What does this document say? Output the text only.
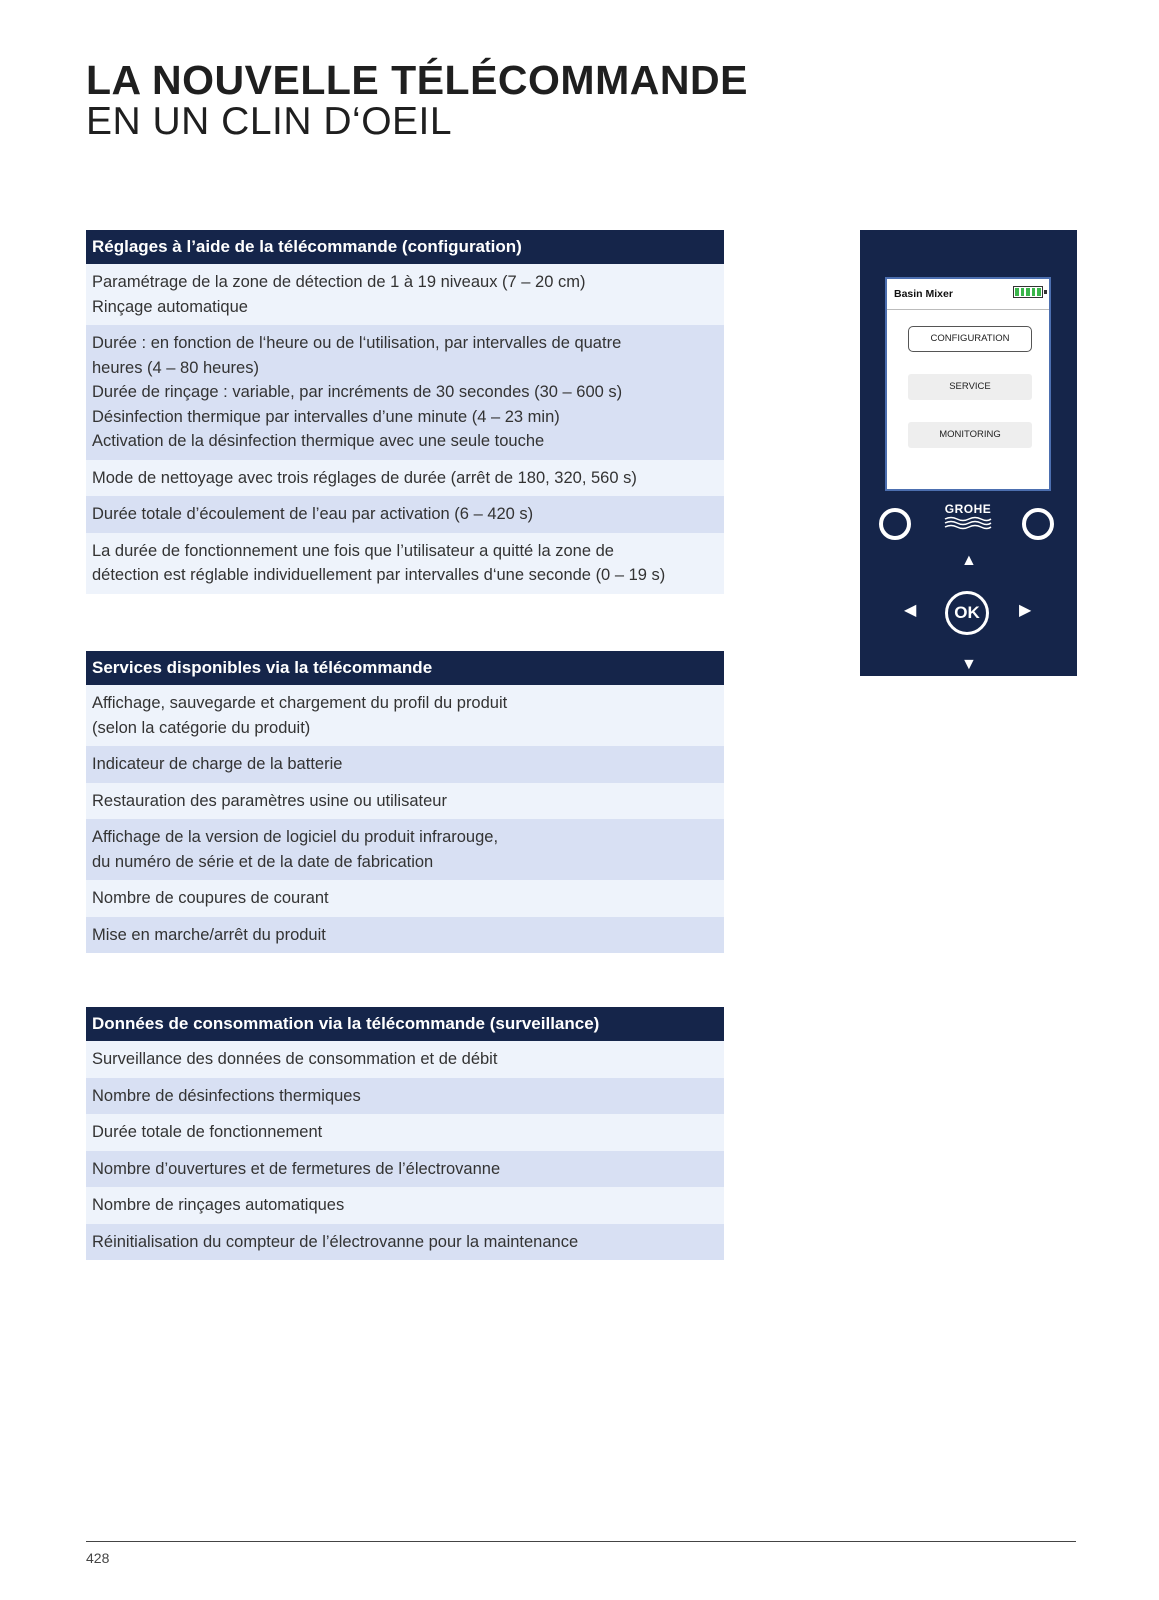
LA NOUVELLE TÉLÉCOMMANDE
EN UN CLIN D‘OEIL
Réglages à l’aide de la télécommande (configuration)
Paramétrage de la zone de détection de 1 à 19 niveaux (7 – 20 cm)
Rinçage automatique
Durée : en fonction de l‘heure ou de l‘utilisation, par intervalles de quatre
heures (4 – 80 heures)
Durée de rinçage : variable, par incréments de 30 secondes (30 – 600 s)
Désinfection thermique par intervalles d’une minute (4 – 23 min)
Activation de la désinfection thermique avec une seule touche
Mode de nettoyage avec trois réglages de durée (arrêt de 180, 320, 560 s)
Durée totale d’écoulement de l’eau par activation (6 – 420 s)
La durée de fonctionnement une fois que l’utilisateur a quitté la zone de
détection est réglable individuellement par intervalles d‘une seconde (0 – 19 s)
Services disponibles via la télécommande
Affichage, sauvegarde et chargement du profil du produit
(selon la catégorie du produit)
Indicateur de charge de la batterie
Restauration des paramètres usine ou utilisateur
Affichage de la version de logiciel du produit infrarouge,
du numéro de série et de la date de fabrication
Nombre de coupures de courant
Mise en marche/arrêt du produit
Données de consommation via la télécommande (surveillance)
Surveillance des données de consommation et de débit
Nombre de désinfections thermiques
Durée totale de fonctionnement
Nombre d’ouvertures et de fermetures de l’électrovanne
Nombre de rinçages automatiques
Réinitialisation du compteur de l’électrovanne pour la maintenance
Basin Mixer
CONFIGURATION
SERVICE
MONITORING
GROHE
▲
◀	▶
▼
OK
428
